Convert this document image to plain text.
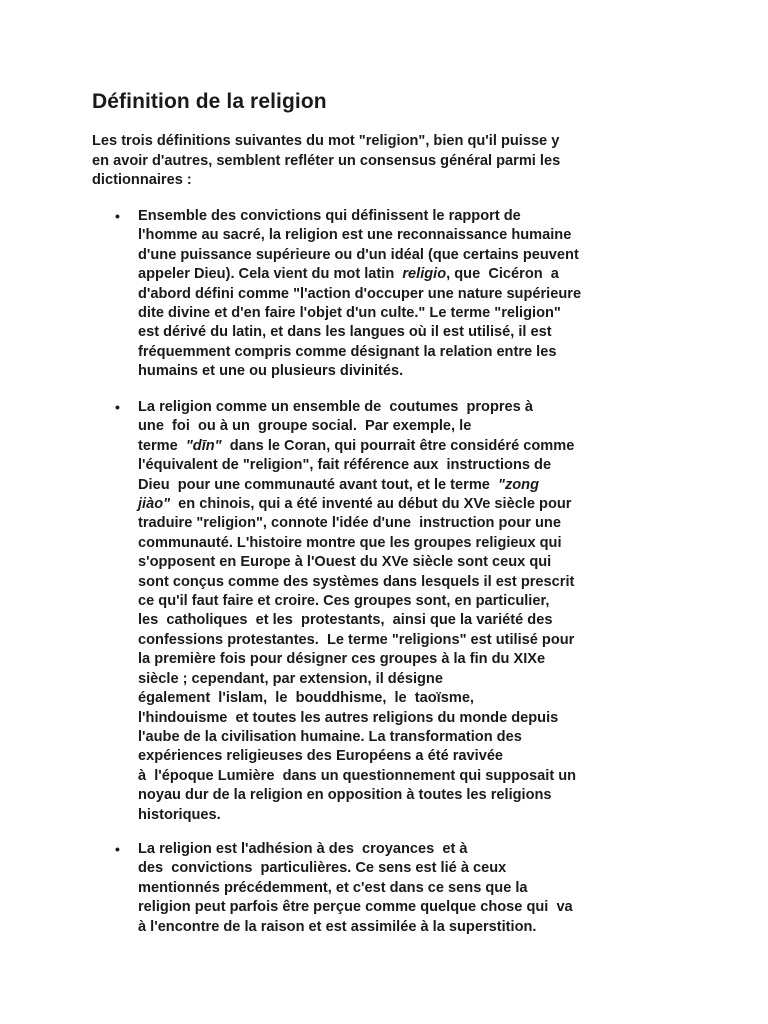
Définition de la religion

Les trois définitions suivantes du mot "religion", bien qu'il puisse y
en avoir d'autres, semblent refléter un consensus général parmi les
dictionnaires :

• Ensemble des convictions qui définissent le rapport de
l'homme au sacré, la religion est une reconnaissance humaine
d'une puissance supérieure ou d'un idéal (que certains peuvent
appeler Dieu). Cela vient du mot latin  religio, que  Cicéron  a
d'abord défini comme "l'action d'occuper une nature supérieure
dite divine et d'en faire l'objet d'un culte." Le terme "religion"
est dérivé du latin, et dans les langues où il est utilisé, il est
fréquemment compris comme désignant la relation entre les
humains et une ou plusieurs divinités.
• La religion comme un ensemble de  coutumes  propres à
une  foi  ou à un  groupe social.  Par exemple, le
terme  "dīn"  dans le Coran, qui pourrait être considéré comme
l'équivalent de "religion", fait référence aux  instructions de
Dieu  pour une communauté avant tout, et le terme  "zong
jiào"  en chinois, qui a été inventé au début du XVe siècle pour
traduire "religion", connote l'idée d'une  instruction pour une
communauté. L'histoire montre que les groupes religieux qui
s'opposent en Europe à l'Ouest du XVe siècle sont ceux qui
sont conçus comme des systèmes dans lesquels il est prescrit
ce qu'il faut faire et croire. Ces groupes sont, en particulier,
les  catholiques  et les  protestants,  ainsi que la variété des
confessions protestantes.  Le terme "religions" est utilisé pour
la première fois pour désigner ces groupes à la fin du XIXe
siècle ; cependant, par extension, il désigne
également  l'islam,  le  bouddhisme,  le  taoïsme,
l'hindouisme  et toutes les autres religions du monde depuis
l'aube de la civilisation humaine. La transformation des
expériences religieuses des Européens a été ravivée
à  l'époque Lumière  dans un questionnement qui supposait un
noyau dur de la religion en opposition à toutes les religions
historiques.
• La religion est l'adhésion à des  croyances  et à
des  convictions  particulières. Ce sens est lié à ceux
mentionnés précédemment, et c'est dans ce sens que la
religion peut parfois être perçue comme quelque chose qui  va
à l'encontre de la raison et est assimilée à la superstition.
